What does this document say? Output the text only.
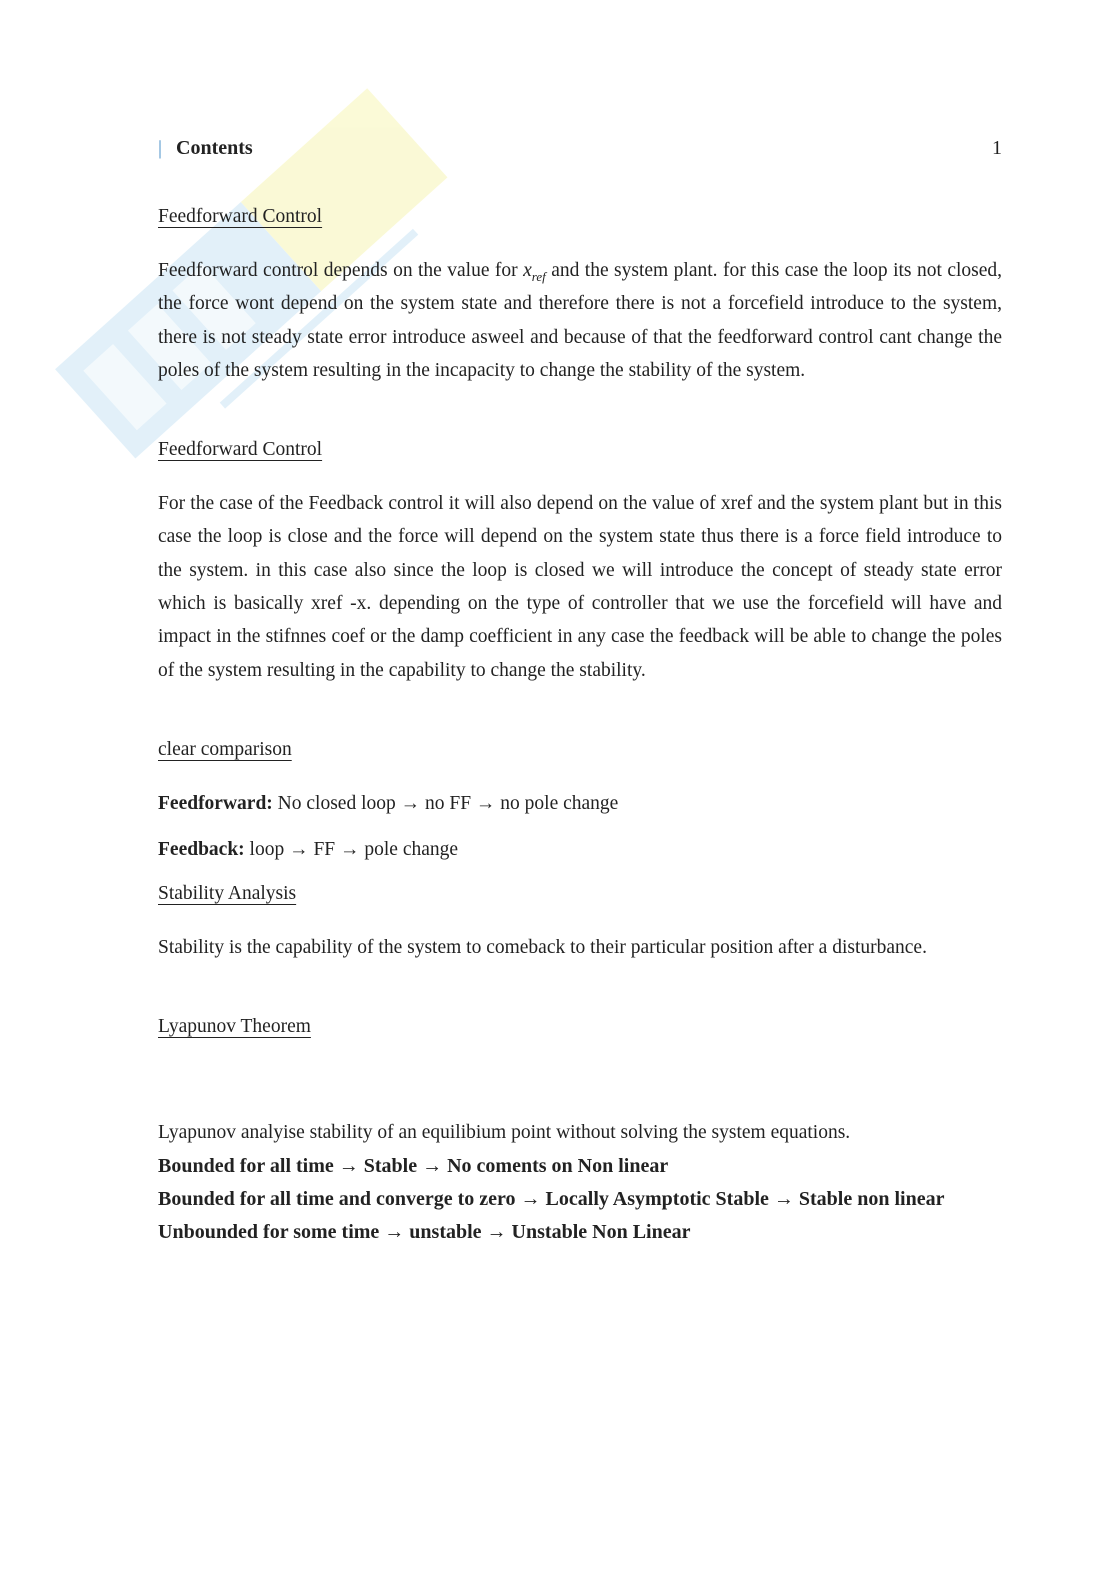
| Contents	1
Feedforward Control

Feedforward control depends on the value for $x_{ref}$ and the system plant. for this case the loop its not closed, the force wont depend on the system state and therefore there is not a forcefield introduce to the system, there is not steady state error introduce asweel and because of that the feedforward control cant change the poles of the system resulting in the incapacity to change the stability of the system.

Feedforward Control

For the case of the Feedback control it will also depend on the value of xref and the system plant but in this case the loop is close and the force will depend on the system state thus there is a force field introduce to the system. in this case also since the loop is closed we will introduce the concept of steady state error which is basically xref -x. depending on the type of controller that we use the forcefield will have and impact in the stifnnes coef or the damp coefficient in any case the feedback will be able to change the poles of the system resulting in the capability to change the stability.

clear comparison
Feedforward: No closed loop → no FF → no pole change
Feedback: loop → FF → pole change
Stability Analysis

Stability is the capability of the system to comeback to their particular position after a disturbance.

Lyapunov Theorem

Lyapunov analyise stability of an equilibium point without solving the system equations.

Bounded for all time → Stable → No coments on Non linear
Bounded for all time and converge to zero → Locally Asymptotic Stable → Stable non linear
Unbounded for some time → unstable → Unstable Non Linear
